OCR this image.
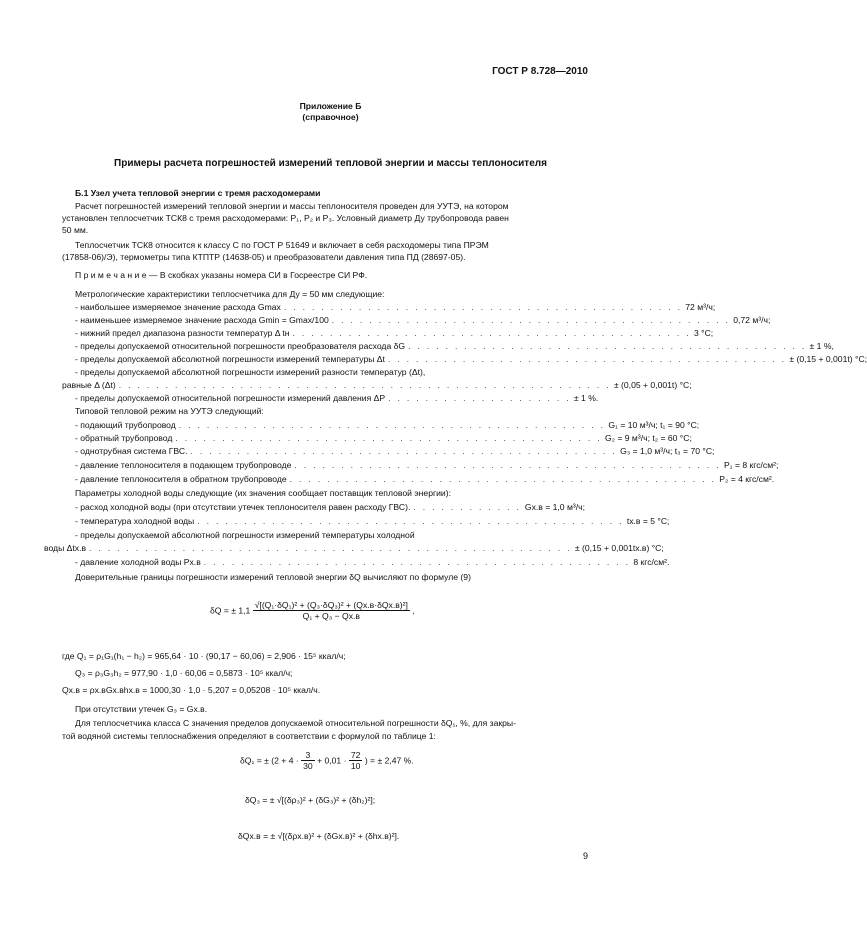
ГОСТ Р 8.728—2010
Приложение Б
(справочное)
Примеры расчета погрешностей измерений тепловой энергии и массы теплоносителя
Б.1 Узел учета тепловой энергии с тремя расходомерами
Расчет погрешностей измерений тепловой энергии и массы теплоносителя проведен для УУТЭ, на котором
установлен теплосчетчик ТСК8 с тремя расходомерами: Р₁, Р₂ и Р₃. Условный диаметр Ду трубопровода равен
50 мм.
Теплосчетчик ТСК8 относится к классу С по ГОСТ Р 51649 и включает в себя расходомеры типа ПРЭМ
(17858-06)/Э), термометры типа КТПТР (14638-05) и преобразователи давления типа ПД (28697-05).
П р и м е ч а н и е — В скобках указаны номера СИ в Госреестре СИ РФ.
Метрологические характеристики теплосчетчика для Ду = 50 мм следующие:
- наибольшее измеряемое значение расхода Gmax . . . . . . . . . . . . . . . . . . . . . . . . . . . . . . . . . . . . . . . . . . . 72 м³/ч;
- наименьшее измеряемое значение расхода Gmin = Gmax/100 . . . . . . . . . . . . . . . . . . . . . . . . . . . . . . . . . . . . . . . . . . . 0,72 м³/ч;
- нижний предел диапазона разности температур Δ tн . . . . . . . . . . . . . . . . . . . . . . . . . . . . . . . . . . . . . . . . . . . 3 °С;
- пределы допускаемой относительной погрешности преобразователя расхода δG . . . . . . . . . . . . . . . . . . . . . . . . . . . . . . . . . . . . . . . . . . . ± 1 %,
- пределы допускаемой абсолютной погрешности измерений температуры Δt . . . . . . . . . . . . . . . . . . . . . . . . . . . . . . . . . . . . . . . . . . . ± (0,15 + 0,001t) °С;
- пределы допускаемой абсолютной погрешности измерений разности температур (Δt),
равные Δ (Δt) . . . . . . . . . . . . . . . . . . . . . . . . . . . . . . . . . . . . . . . . . . . . . . . . . . . . . ± (0,05 + 0,001t) °С;
- пределы допускаемой относительной погрешности измерений давления ΔP . . . . . . . . . . . . . . . . . . . . ± 1 %.
Типовой тепловой режим на УУТЭ следующий:
- подающий трубопровод . . . . . . . . . . . . . . . . . . . . . . . . . . . . . . . . . . . . . . . . . . . . . . G₁ = 10 м³/ч; t₁ = 90 °С;
- обратный трубопровод . . . . . . . . . . . . . . . . . . . . . . . . . . . . . . . . . . . . . . . . . . . . . . G₂ = 9 м³/ч; t₂ = 60 °С;
- однотрубная система ГВС. . . . . . . . . . . . . . . . . . . . . . . . . . . . . . . . . . . . . . . . . . . . . . . G₃ = 1,0 м³/ч; t₃ = 70 °С;
- давление теплоносителя в подающем трубопроводе . . . . . . . . . . . . . . . . . . . . . . . . . . . . . . . . . . . . . . . . . . . . . . P₁ = 8 кгс/см²;
- давление теплоносителя в обратном трубопроводе . . . . . . . . . . . . . . . . . . . . . . . . . . . . . . . . . . . . . . . . . . . . . . P₂ = 4 кгс/см².
Параметры холодной воды следующие (их значения сообщает поставщик тепловой энергии):
- расход холодной воды (при отсутствии утечек теплоносителя равен расходу ГВС). . . . . . . . . . . . . Gх.в = 1,0 м³/ч;
- температура холодной воды . . . . . . . . . . . . . . . . . . . . . . . . . . . . . . . . . . . . . . . . . . . . . . tх.в = 5 °С;
- пределы допускаемой абсолютной погрешности измерений температуры холодной
воды Δtх.в . . . . . . . . . . . . . . . . . . . . . . . . . . . . . . . . . . . . . . . . . . . . . . . . . . . . ± (0,15 + 0,001tх.в) °С;
- давление холодной воды Pх.в . . . . . . . . . . . . . . . . . . . . . . . . . . . . . . . . . . . . . . . . . . . . . . 8 кгс/см².
Доверительные границы погрешности измерений тепловой энергии δQ вычисляют по формуле (9)
δQ = ± $1,1 \frac{\text{√[(Q₁·δQ₁)² + (Q₃·δQ₃)² + (Qх.в·δQх.в)²]}}{\text{Q₁ + Q₃ − Qх.в}}$ ,
где Q₁ = ρ₁G₁(h₁ − h₂) = 965,64 · 10 · (90,17 − 60,06) = 2,906 · 15⁵ ккал/ч;
Q₃ = ρ₃G₃h₂ = 977,90 · 1,0 · 60,06 = 0,5873 · 10⁵ ккал/ч;
Qх.в = ρх.вGх.вhх.в = 1000,30 · 1,0 · 5,207 = 0,05208 · 10⁵ ккал/ч.
При отсутствии утечек G₃ = Gх.в.
Для теплосчетчика класса С значения пределов допускаемой относительной погрешности δQ₁, %, для закры-
той водяной системы теплоснабжения определяют в соответствии с формулой по таблице 1:
δQ₁ = ± ($2 + 4 \cdot \frac{3}{30} + 0,01 \cdot \frac{72}{10}$ ) = ± 2,47 %.
δQ₃ = ± √[(δρ₃)² + (δG₃)² + (δh₂)²];
δQх.в = ± √[(δρх.в)² + (δGх.в)² + (δhх.в)²].
9
